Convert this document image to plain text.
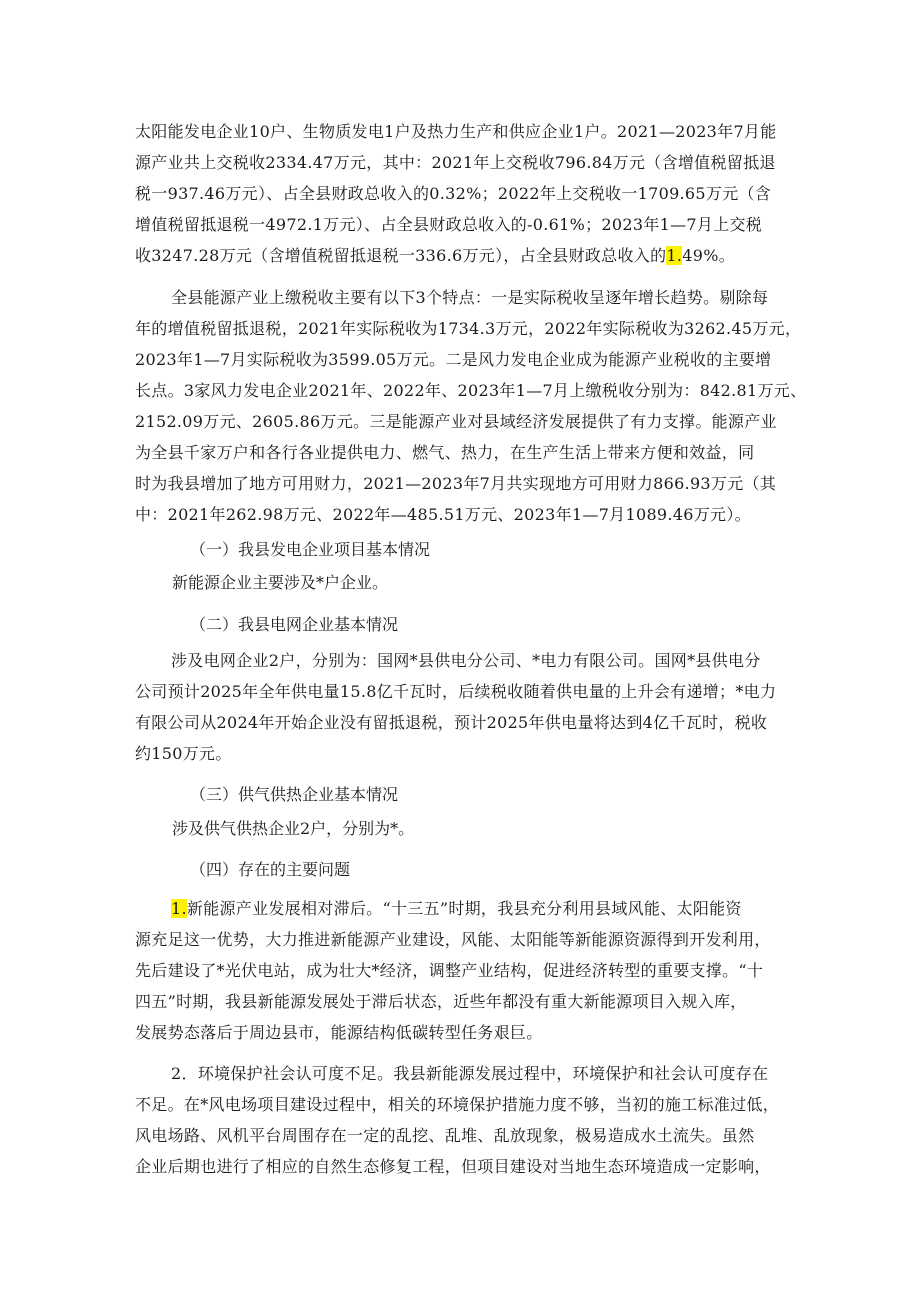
太阳能发电企业10户、生物质发电1户及热力生产和供应企业1户。2021—2023年7月能
源产业共上交税收2334.47万元，其中：2021年上交税收796.84万元（含增值税留抵退
税一937.46万元）、占全县财政总收入的0.32%；2022年上交税收一1709.65万元（含
增值税留抵退税一4972.1万元）、占全县财政总收入的-0.61%；2023年1—7月上交税
收3247.28万元（含增值税留抵退税一336.6万元），占全县财政总收入的1.49%。
全县能源产业上缴税收主要有以下3个特点：一是实际税收呈逐年增长趋势。剔除每
年的增值税留抵退税，2021年实际税收为1734.3万元，2022年实际税收为3262.45万元，
2023年1—7月实际税收为3599.05万元。二是风力发电企业成为能源产业税收的主要增
长点。3家风力发电企业2021年、2022年、2023年1—7月上缴税收分别为：842.81万元、
2152.09万元、2605.86万元。三是能源产业对县域经济发展提供了有力支撑。能源产业
为全县千家万户和各行各业提供电力、燃气、热力，在生产生活上带来方便和效益，同
时为我县增加了地方可用财力，2021—2023年7月共实现地方可用财力866.93万元（其
中：2021年262.98万元、2022年—485.51万元、2023年1—7月1089.46万元）。
（一）我县发电企业项目基本情况
新能源企业主要涉及*户企业。
（二）我县电网企业基本情况
涉及电网企业2户，分别为：国网*县供电分公司、*电力有限公司。国网*县供电分
公司预计2025年全年供电量15.8亿千瓦时，后续税收随着供电量的上升会有递增；*电力
有限公司从2024年开始企业没有留抵退税，预计2025年供电量将达到4亿千瓦时，税收
约150万元。
（三）供气供热企业基本情况
涉及供气供热企业2户，分别为*。
（四）存在的主要问题
1.新能源产业发展相对滞后。“十三五”时期，我县充分利用县域风能、太阳能资
源充足这一优势，大力推进新能源产业建设，风能、太阳能等新能源资源得到开发利用，
先后建设了*光伏电站，成为壮大*经济，调整产业结构，促进经济转型的重要支撑。“十
四五”时期，我县新能源发展处于滞后状态，近些年都没有重大新能源项目入规入库，
发展势态落后于周边县市，能源结构低碳转型任务艰巨。
2．环境保护社会认可度不足。我县新能源发展过程中，环境保护和社会认可度存在
不足。在*风电场项目建设过程中，相关的环境保护措施力度不够，当初的施工标准过低，
风电场路、风机平台周围存在一定的乱挖、乱堆、乱放现象，极易造成水土流失。虽然
企业后期也进行了相应的自然生态修复工程，但项目建设对当地生态环境造成一定影响，
